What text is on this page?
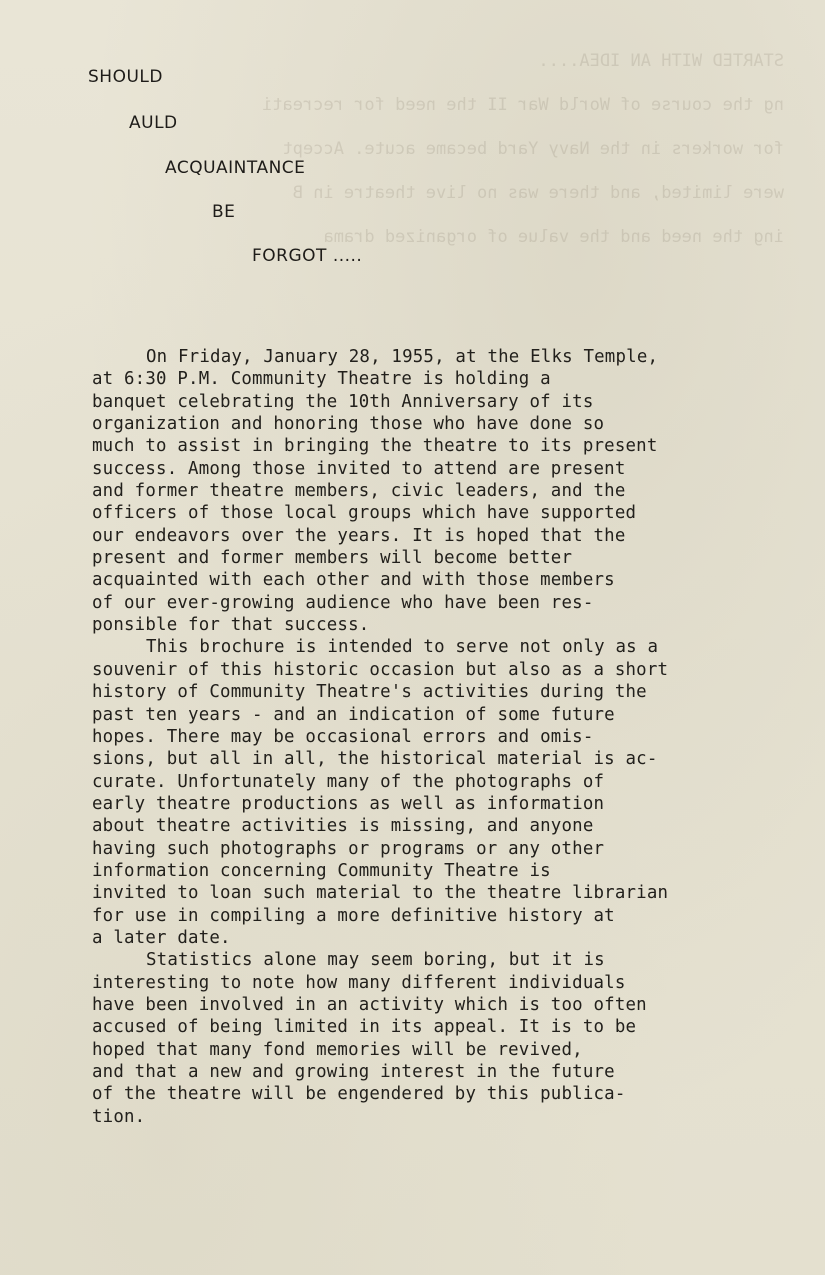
STARTED WITH AN IDEA....

ng the course of World War II the need for recreati

for workers in the Navy Yard became acute. Accept

were limited, and there was no live theatre in B

ing the need and the value of organized drama

SHOULD
AULD
ACQUAINTANCE
BE
FORGOT .....
On Friday, January 28, 1955, at the Elks Temple,
at 6:30 P.M. Community Theatre is holding a
banquet celebrating the 10th Anniversary of its
organization and honoring those who have done so
much to assist in bringing the theatre to its present
success. Among those invited to attend are present
and former theatre members, civic leaders, and the
officers of those local groups which have supported
our endeavors over the years. It is hoped that the
present and former members will become better
acquainted with each other and with those members
of our ever-growing audience who have been res-
ponsible for that success.
This brochure is intended to serve not only as a
souvenir of this historic occasion but also as a short
history of Community Theatre's activities during the
past ten years - and an indication of some future
hopes. There may be occasional errors and omis-
sions, but all in all, the historical material is ac-
curate. Unfortunately many of the photographs of
early theatre productions as well as information
about theatre activities is missing, and anyone
having such photographs or programs or any other
information concerning Community Theatre is
invited to loan such material to the theatre librarian
for use in compiling a more definitive history at
a later date.
Statistics alone may seem boring, but it is
interesting to note how many different individuals
have been involved in an activity which is too often
accused of being limited in its appeal. It is to be
hoped that many fond memories will be revived,
and that a new and growing interest in the future
of the theatre will be engendered by this publica-
tion.
